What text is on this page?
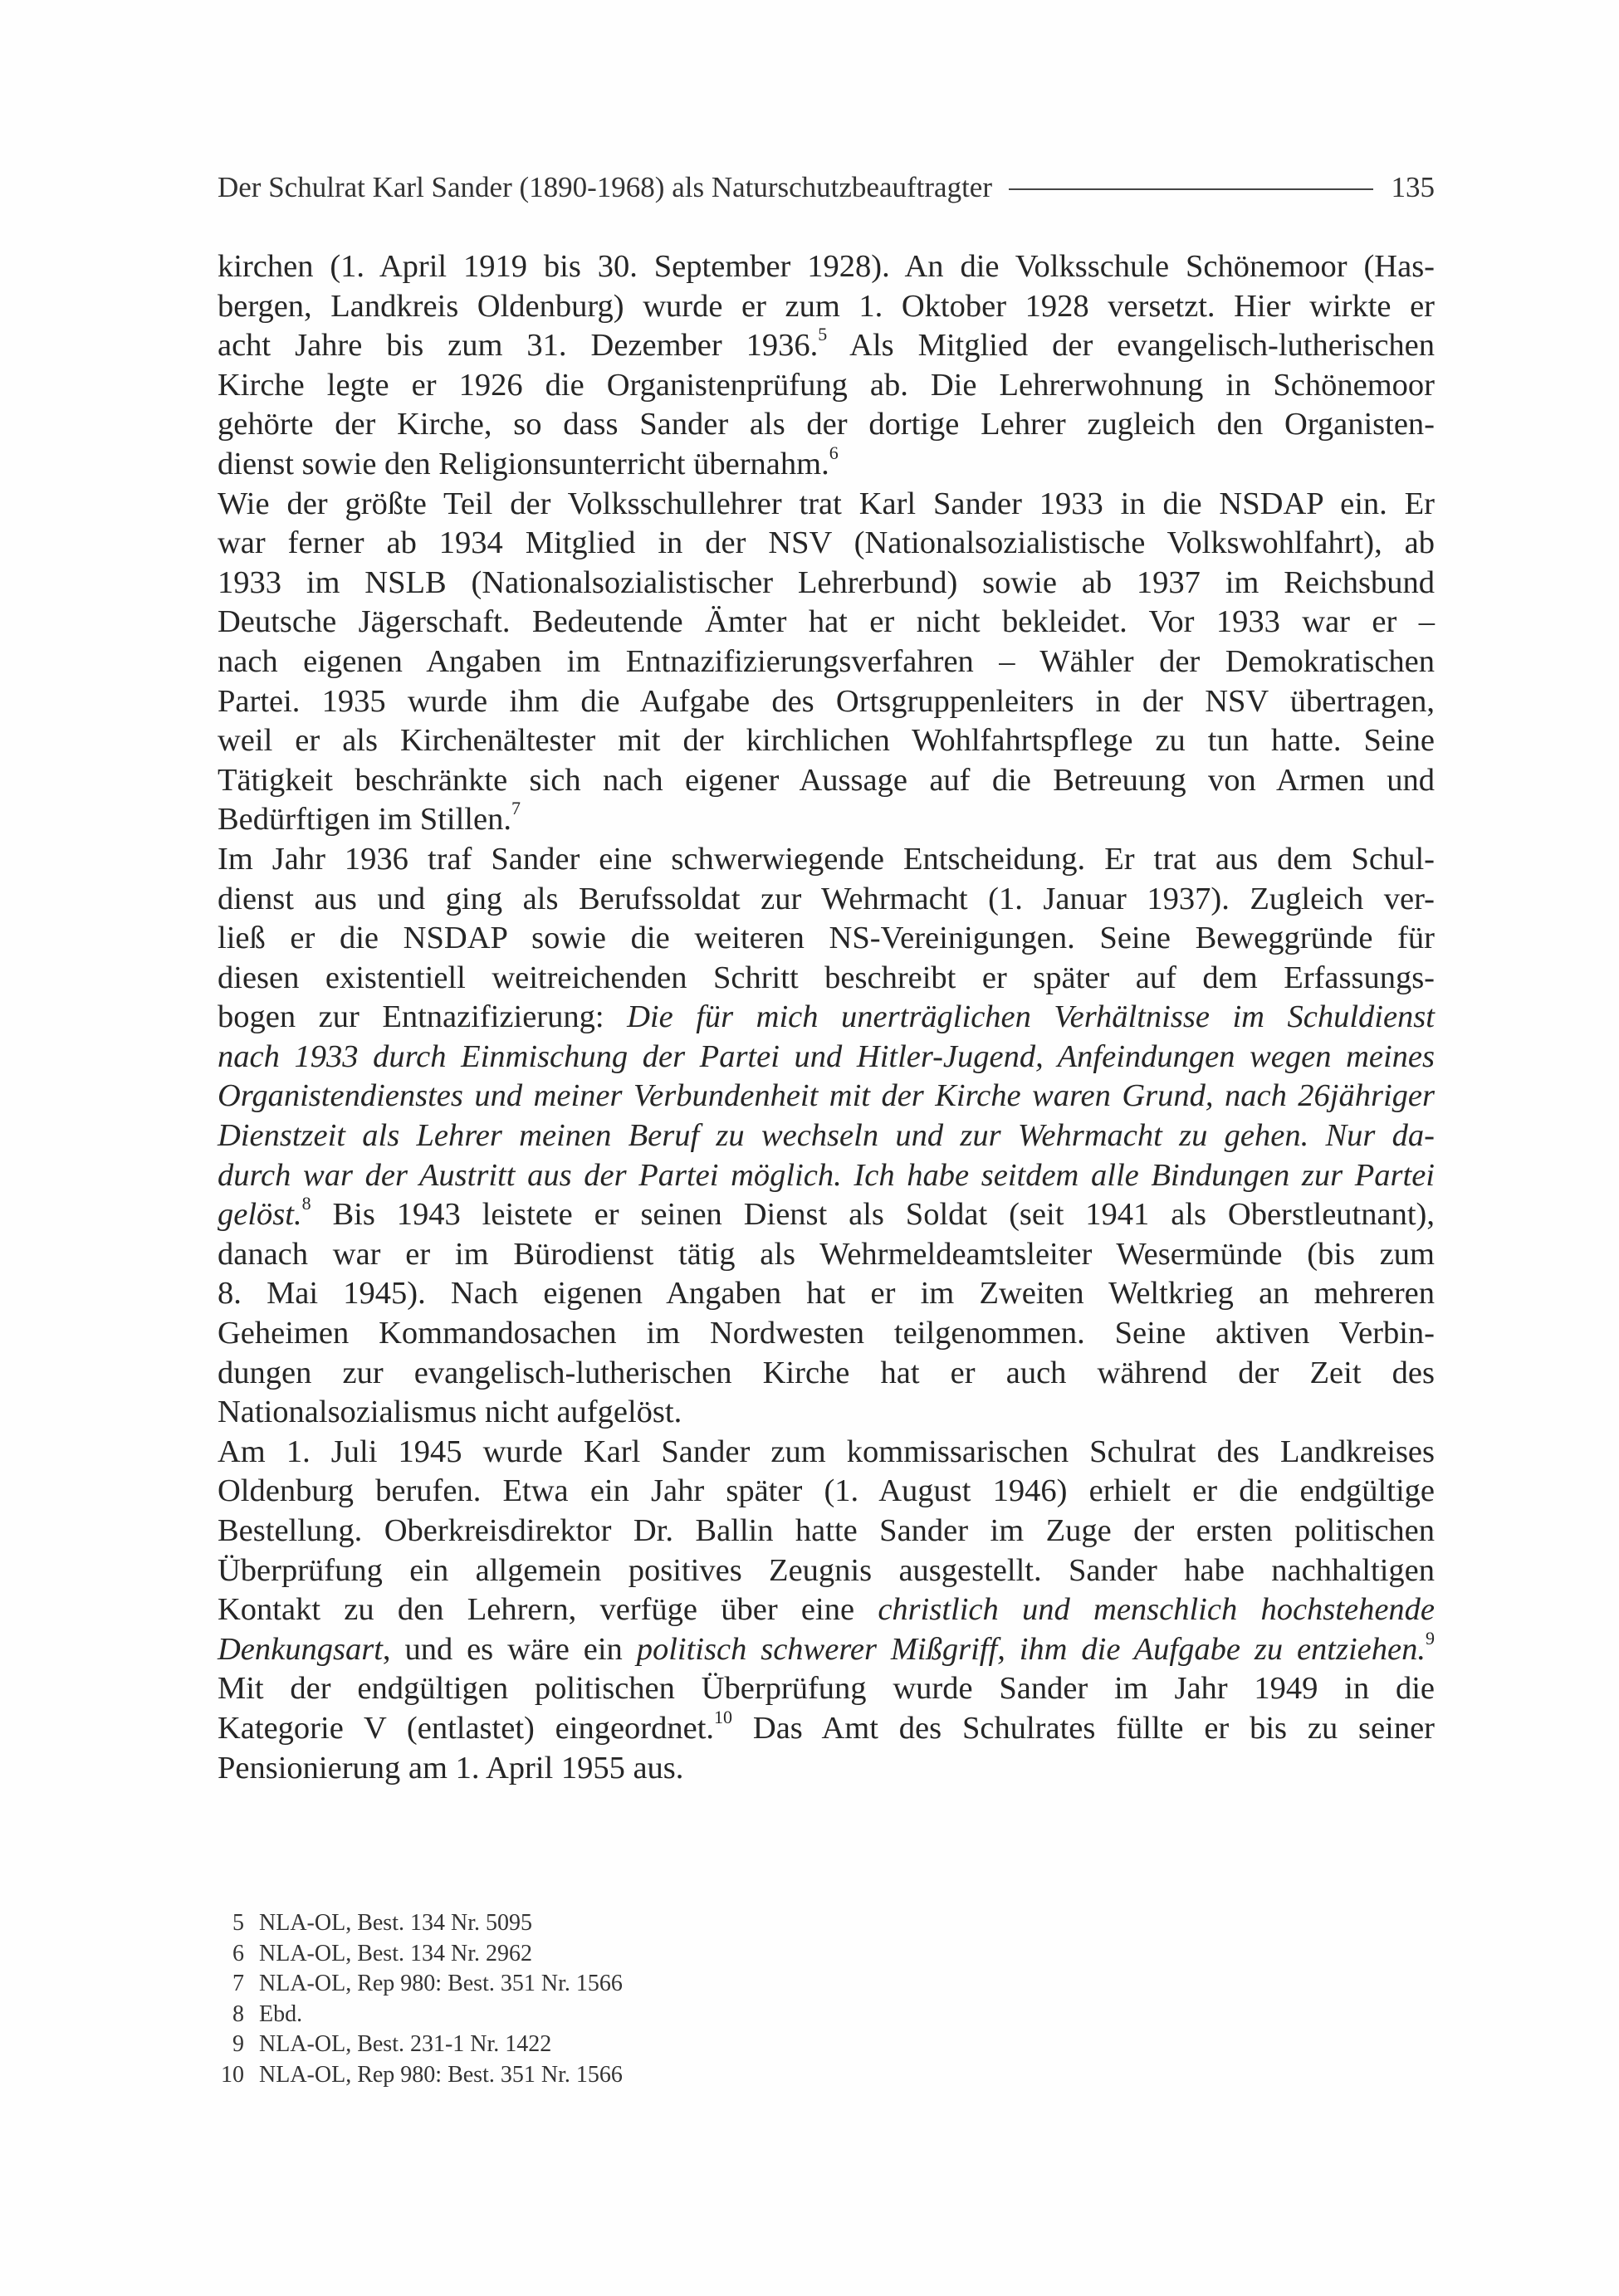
Der Schulrat Karl Sander (1890-1968) als Naturschutzbeauftragter	135
kirchen (1. April 1919 bis 30. September 1928). An die Volksschule Schönemoor (Has-
bergen, Landkreis Oldenburg) wurde er zum 1. Oktober 1928 versetzt. Hier wirkte er
acht Jahre bis zum 31. Dezember 1936.$^5$ Als Mitglied der evangelisch-lutherischen
Kirche legte er 1926 die Organistenprüfung ab. Die Lehrerwohnung in Schönemoor
gehörte der Kirche, so dass Sander als der dortige Lehrer zugleich den Organisten-
dienst sowie den Religionsunterricht übernahm.$^6$
Wie der größte Teil der Volksschullehrer trat Karl Sander 1933 in die NSDAP ein. Er
war ferner ab 1934 Mitglied in der NSV (Nationalsozialistische Volkswohlfahrt), ab
1933 im NSLB (Nationalsozialistischer Lehrerbund) sowie ab 1937 im Reichsbund
Deutsche Jägerschaft. Bedeutende Ämter hat er nicht bekleidet. Vor 1933 war er –
nach eigenen Angaben im Entnazifizierungsverfahren – Wähler der Demokratischen
Partei. 1935 wurde ihm die Aufgabe des Ortsgruppenleiters in der NSV übertragen,
weil er als Kirchenältester mit der kirchlichen Wohlfahrtspflege zu tun hatte. Seine
Tätigkeit beschränkte sich nach eigener Aussage auf die Betreuung von Armen und
Bedürftigen im Stillen.$^7$
Im Jahr 1936 traf Sander eine schwerwiegende Entscheidung. Er trat aus dem Schul-
dienst aus und ging als Berufssoldat zur Wehrmacht (1. Januar 1937). Zugleich ver-
ließ er die NSDAP sowie die weiteren NS-Vereinigungen. Seine Beweggründe für
diesen existentiell weitreichenden Schritt beschreibt er später auf dem Erfassungs-
bogen zur Entnazifizierung: Die für mich unerträglichen Verhältnisse im Schuldienst
nach 1933 durch Einmischung der Partei und Hitler-Jugend, Anfeindungen wegen meines
Organistendienstes und meiner Verbundenheit mit der Kirche waren Grund, nach 26jähriger
Dienstzeit als Lehrer meinen Beruf zu wechseln und zur Wehrmacht zu gehen. Nur da-
durch war der Austritt aus der Partei möglich. Ich habe seitdem alle Bindungen zur Partei
gelöst.$^8$ Bis 1943 leistete er seinen Dienst als Soldat (seit 1941 als Oberstleutnant),
danach war er im Bürodienst tätig als Wehrmeldeamtsleiter Wesermünde (bis zum
8. Mai 1945). Nach eigenen Angaben hat er im Zweiten Weltkrieg an mehreren
Geheimen Kommandosachen im Nordwesten teilgenommen. Seine aktiven Verbin-
dungen zur evangelisch-lutherischen Kirche hat er auch während der Zeit des
Nationalsozialismus nicht aufgelöst.
Am 1. Juli 1945 wurde Karl Sander zum kommissarischen Schulrat des Landkreises
Oldenburg berufen. Etwa ein Jahr später (1. August 1946) erhielt er die endgültige
Bestellung. Oberkreisdirektor Dr. Ballin hatte Sander im Zuge der ersten politischen
Überprüfung ein allgemein positives Zeugnis ausgestellt. Sander habe nachhaltigen
Kontakt zu den Lehrern, verfüge über eine christlich und menschlich hochstehende
Denkungsart, und es wäre ein politisch schwerer Mißgriff, ihm die Aufgabe zu entziehen.$^9$
Mit der endgültigen politischen Überprüfung wurde Sander im Jahr 1949 in die
Kategorie V (entlastet) eingeordnet.$^{10}$ Das Amt des Schulrates füllte er bis zu seiner
Pensionierung am 1. April 1955 aus.
5 NLA-OL, Best. 134 Nr. 5095
6 NLA-OL, Best. 134 Nr. 2962
7 NLA-OL, Rep 980: Best. 351 Nr. 1566
8 Ebd.
9 NLA-OL, Best. 231-1 Nr. 1422
10 NLA-OL, Rep 980: Best. 351 Nr. 1566
